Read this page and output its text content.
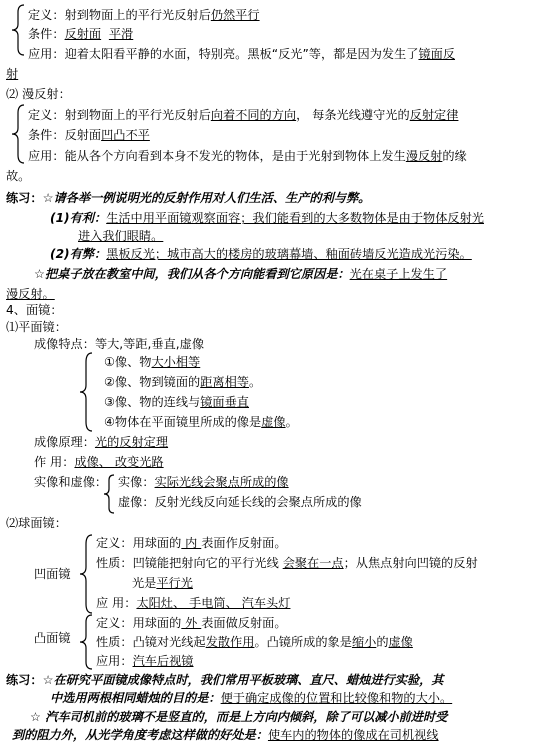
定义：射到物面上的平行光反射后仍然平行
条件：反射面 平滑
应用：迎着太阳看平静的水面，特别亮。黑板“反光”等，都是因为发生了镜面反
射
⑵ 漫反射：
定义：射到物面上的平行光反射后向着不同的方向， 每条光线遵守光的反射定律
条件：反射面凹凸不平
应用：能从各个方向看到本身不发光的物体，是由于光射到物体上发生漫反射的缘
故。
练习：☆请各举一例说明光的反射作用对人们生活、生产的利与弊。
(1)有利：生活中用平面镜观察面容；我们能看到的大多数物体是由于物体反射光
进入我们眼睛。
(2)有弊：黑板反光；城市高大的楼房的玻璃幕墙、釉面砖墙反光造成光污染。
☆把桌子放在教室中间，我们从各个方向能看到它原因是：光在桌子上发生了
漫反射。
4、面镜：
⑴平面镜：
成像特点：等大,等距,垂直,虚像
①像、物大小相等
②像、物到镜面的距离相等。
③像、物的连线与镜面垂直
④物体在平面镜里所成的像是虚像。
成像原理：光的反射定理
作 用：成像、 改变光路
实像和虚像： 实像：实际光线会聚点所成的像
虚像：反射光线反向延长线的会聚点所成的像
⑵球面镜：
凹面镜
定义：用球面的 内 表面作反射面。
性质：凹镜能把射向它的平行光线 会聚在一点；从焦点射向凹镜的反射
光是平行光
应 用：太阳灶、 手电筒、 汽车头灯
凸面镜
定义：用球面的 外 表面做反射面。
性质：凸镜对光线起发散作用。凸镜所成的象是缩小的虚像
应用：汽车后视镜
练习：☆在研究平面镜成像特点时，我们常用平板玻璃、直尺、蜡烛进行实验，其
中选用两根相同蜡烛的目的是：便于确定成像的位置和比较像和物的大小。
☆ 汽车司机前的玻璃不是竖直的，而是上方向内倾斜，除了可以减小前进时受
到的阻力外，从光学角度考虑这样做的好处是：使车内的物体的像成在司机视线
